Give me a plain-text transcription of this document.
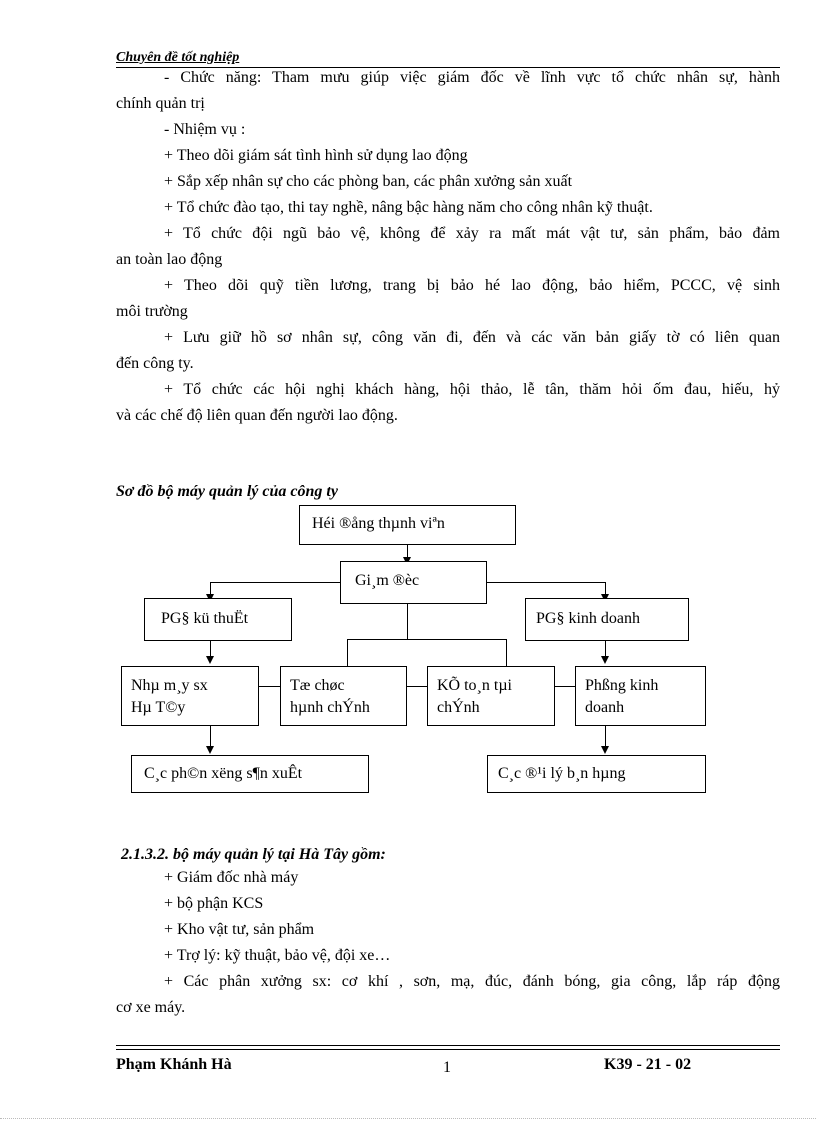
Chuyên đề tốt nghiệp
- Chức năng: Tham mưu giúp việc giám đốc về lĩnh vực tổ chức nhân sự, hành
chính quản trị
- Nhiệm vụ :
+ Theo dõi giám sát tình hình sử dụng lao động
+ Sắp xếp nhân sự cho các phòng ban, các phân xưởng sản xuất
+ Tổ chức đào tạo, thi tay nghề, nâng bậc hàng năm cho công nhân kỹ thuật.
+ Tổ chức đội ngũ bảo vệ, không để xảy ra mất mát vật tư, sản phẩm, bảo đảm
an toàn lao động
+ Theo dõi quỹ tiền lương, trang bị bảo hé lao động, bảo hiểm, PCCC, vệ sinh
môi trường
+ Lưu giữ hồ sơ nhân sự, công văn đi, đến và các văn bản giấy tờ có liên quan
đến công ty.
+ Tổ chức các hội nghị khách hàng, hội thảo, lễ tân, thăm hỏi ốm đau, hiếu, hỷ
và các chế độ liên quan đến người lao động.
Sơ đồ bộ máy quản lý của công ty
Héi ®ång thµnh viªn
Gi¸m ®èc
PG§ kü thuËt	PG§ kinh doanh
Nhµ m¸y sx
Hµ T©y
Tæ chøc
hµnh chÝnh
KÕ to¸n tµi
chÝnh
Phßng kinh
doanh
C¸c ph©n xëng s¶n xuÊt	C¸c ®¹i lý b¸n hµng
2.1.3.2. bộ máy quản lý tại Hà Tây gồm:
+ Giám đốc nhà máy
+ bộ phận KCS
+ Kho vật tư, sản phẩm
+ Trợ lý: kỹ thuật, bảo vệ, đội xe…
+ Các phân xưởng sx: cơ khí , sơn, mạ, đúc, đánh bóng, gia công, lắp ráp động
cơ xe máy.
Phạm Khánh Hà	1	K39 - 21 - 02
